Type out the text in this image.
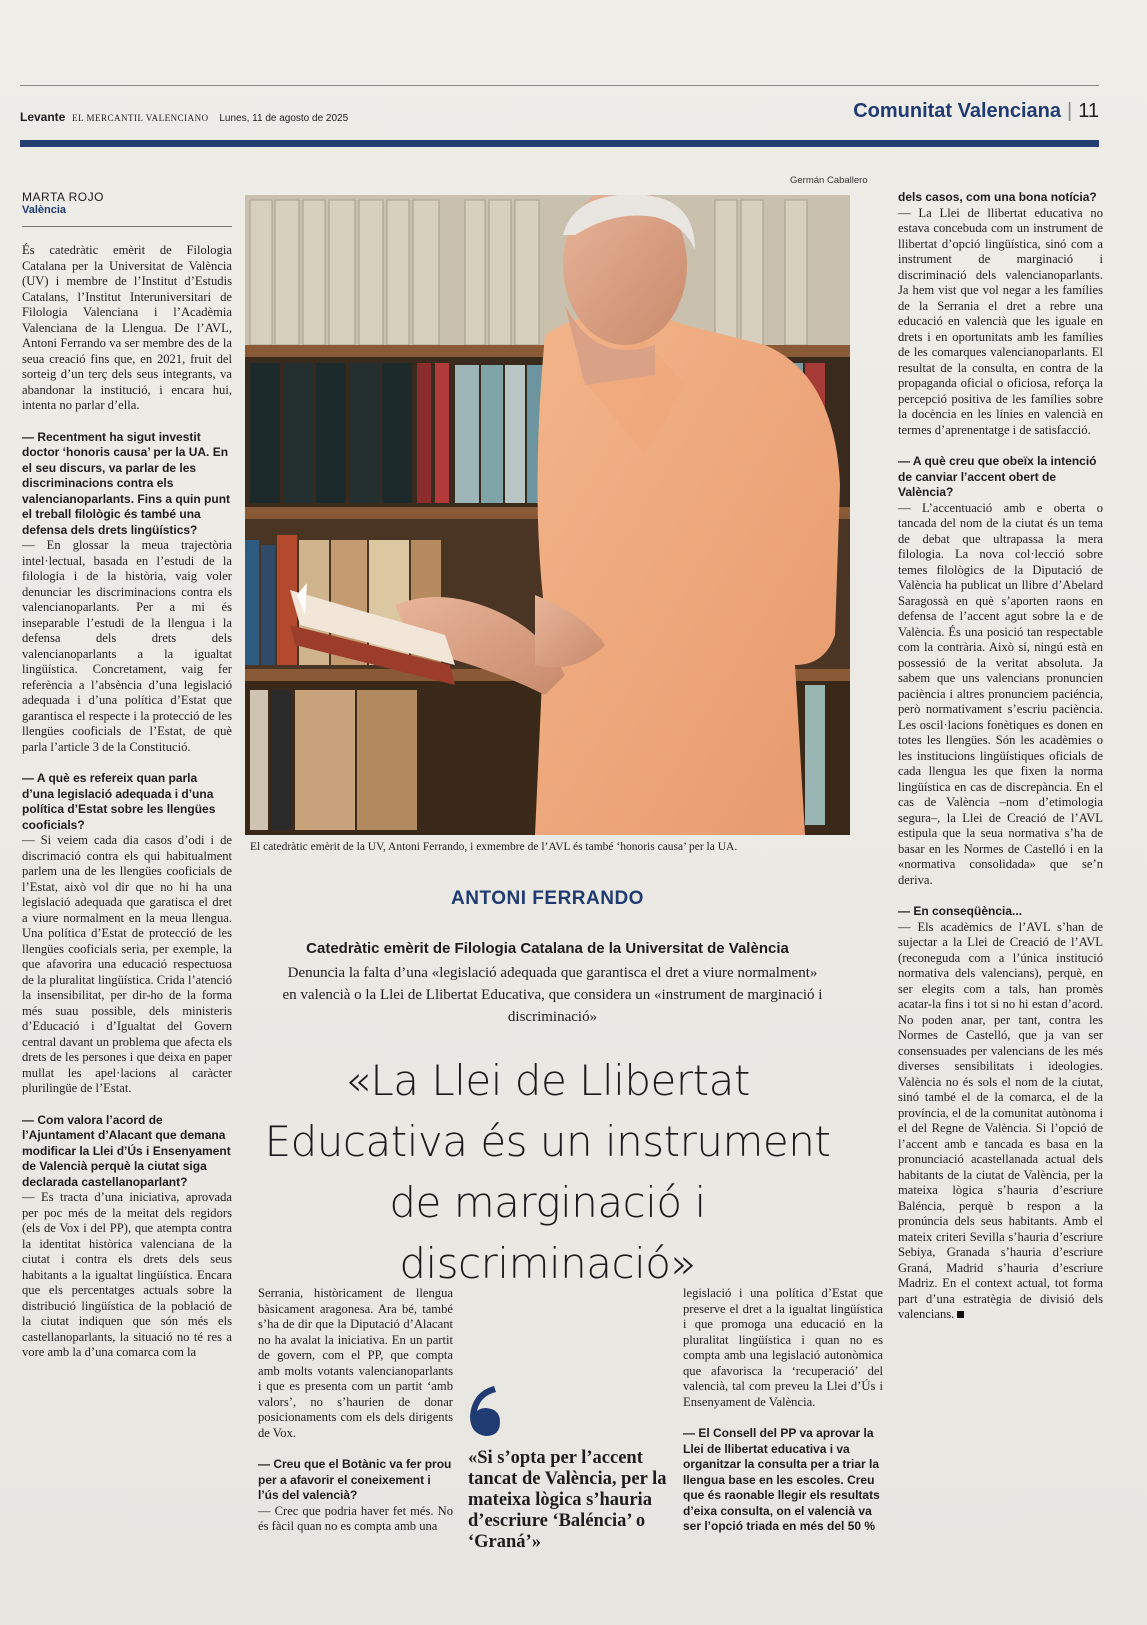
Levante EL MERCANTIL VALENCIANO Lunes, 11 de agosto de 2025	Comunitat Valenciana | 11
MARTA ROJO
València

És catedràtic emèrit de Filologia Catalana per la Universitat de València (UV) i membre de l’Institut d’Estudis Catalans, l’Institut Interuniversitari de Filologia Valenciana i l’Acadèmia Valenciana de la Llengua. De l’AVL, Antoni Ferrando va ser membre des de la seua creació fins que, en 2021, fruit del sorteig d’un terç dels seus integrants, va abandonar la institució, i encara hui, intenta no parlar d’ella.

— Recentment ha sigut investit doctor ‘honoris causa’ per la UA. En el seu discurs, va parlar de les discriminacions contra els valencianoparlants. Fins a quin punt el treball filològic és també una defensa dels drets lingüístics?

— En glossar la meua trajectòria intel·lectual, basada en l’estudi de la filologia i de la història, vaig voler denunciar les discriminacions contra els valencianoparlants. Per a mi és inseparable l’estudi de la llengua i la defensa dels drets dels valencianoparlants a la igualtat lingüística. Concretament, vaig fer referència a l’absència d’una legislació adequada i d’una política d’Estat que garantisca el respecte i la protecció de les llengües cooficials de l’Estat, de què parla l’article 3 de la Constitució.

— A què es refereix quan parla d’una legislació adequada i d’una política d’Estat sobre les llengües cooficials?

— Si veiem cada dia casos d’odi i de discrimació contra els qui habitualment parlem una de les llengües cooficials de l’Estat, això vol dir que no hi ha una legislació adequada que garatisca el dret a viure normalment en la meua llengua. Una política d’Estat de protecció de les llengües cooficials seria, per exemple, la que afavorira una educació respectuosa de la pluralitat lingüística. Crida l’atenció la insensibilitat, per dir-ho de la forma més suau possible, dels ministeris d’Educació i d’Igualtat del Govern central davant un problema que afecta els drets de les persones i que deixa en paper mullat les apel·lacions al caràcter plurilingüe de l’Estat.

— Com valora l’acord de l’Ajuntament d’Alacant que demana modificar la Llei d’Ús i Ensenyament de Valencià perquè la ciutat siga declarada castellanoparlant?

— Es tracta d’una iniciativa, aprovada per poc més de la meitat dels regidors (els de Vox i del PP), que atempta contra la identitat històrica valenciana de la ciutat i contra els drets dels seus habitants a la igualtat lingüística. Encara que els percentatges actuals sobre la distribució lingüística de la població de la ciutat indiquen que són més els castellanoparlants, la situació no té res a vore amb la d’una comarca com la

Germán Caballero
El catedràtic emèrit de la UV, Antoni Ferrando, i exmembre de l’AVL és també ‘honoris causa’ per la UA.
ANTONI FERRANDO
Catedràtic emèrit de Filologia Catalana de la Universitat de València
Denuncia la falta d’una «legislació adequada que garantisca el dret a viure normalment» en valencià o la Llei de Llibertat Educativa, que considera un «instrument de marginació i discriminació»
«La Llei de Llibertat Educativa és un instrument de marginació i discriminació»

Serrania, històricament de llengua bàsicament aragonesa. Ara bé, també s’ha de dir que la Diputació d’Alacant no ha avalat la iniciativa. En un partit de govern, com el PP, que compta amb molts votants valencianoparlants i que es presenta com un partit ‘amb valors’, no s’haurien de donar posicionaments com els dels dirigents de Vox.

— Creu que el Botànic va fer prou per a afavorir el coneixement i l’ús del valencià?

— Crec que podria haver fet més. No és fàcil quan no es compta amb una

«Si s’opta per l’accent tancat de València, per la mateixa lògica s’hauria d’escriure ‘Baléncia’ o ‘Graná’»

legislació i una política d’Estat que preserve el dret a la igualtat lingüística i que promoga una educació en la pluralitat lingüística i quan no es compta amb una legislació autonòmica que afavorisca la ‘recuperació’ del valencià, tal com preveu la Llei d’Ús i Ensenyament de València.

— El Consell del PP va aprovar la Llei de llibertat educativa i va organitzar la consulta per a triar la llengua base en les escoles. Creu que és raonable llegir els resultats d’eixa consulta, on el valencià va ser l’opció triada en més del 50 %

dels casos, com una bona notícia?

— La Llei de llibertat educativa no estava concebuda com un instrument de llibertat d’opció lingüística, sinó com a instrument de marginació i discriminació dels valencianoparlants. Ja hem vist que vol negar a les famílies de la Serrania el dret a rebre una educació en valencià que les iguale en drets i en oportunitats amb les famílies de les comarques valencianoparlants. El resultat de la consulta, en contra de la propaganda oficial o oficiosa, reforça la percepció positiva de les famílies sobre la docència en les línies en valencià en termes d’aprenentatge i de satisfacció.

— A què creu que obeïx la intenció de canviar l’accent obert de València?

— L’accentuació amb e oberta o tancada del nom de la ciutat és un tema de debat que ultrapassa la mera filologia. La nova col·lecció sobre temes filològics de la Diputació de València ha publicat un llibre d’Abelard Saragossà en què s’aporten raons en defensa de l’accent agut sobre la e de València. És una posició tan respectable com la contrària. Això sí, ningú està en possessió de la veritat absoluta. Ja sabem que uns valencians pronuncien paciència i altres pronunciem paciéncia, però normativament s’escriu paciència. Les oscil·lacions fonètiques es donen en totes les llengües. Són les acadèmies o les institucions lingüístiques oficials de cada llengua les que fixen la norma lingüística en cas de discrepància. En el cas de València –nom d’etimologia segura–, la Llei de Creació de l’AVL estipula que la seua normativa s’ha de basar en les Normes de Castelló i en la «normativa consolidada» que se’n deriva.

— En conseqüència...

— Els acadèmics de l’AVL s’han de sujectar a la Llei de Creació de l’AVL (reconeguda com a l’única institució normativa dels valencians), perquè, en ser elegits com a tals, han promès acatar-la fins i tot si no hi estan d’acord. No poden anar, per tant, contra les Normes de Castelló, que ja van ser consensuades per valencians de les més diverses sensibilitats i ideologies. València no és sols el nom de la ciutat, sinó també el de la comarca, el de la província, el de la comunitat autònoma i el del Regne de València. Si l’opció de l’accent amb e tancada es basa en la pronunciació acastellanada actual dels habitants de la ciutat de València, per la mateixa lògica s’hauria d’escriure Baléncia, perquè b respon a la pronúncia dels seus habitants. Amb el mateix criteri Sevilla s’hauria d’escriure Sebiya, Granada s’hauria d’escriure Graná, Madrid s’hauria d’escriure Madriz. En el context actual, tot forma part d’una estratègia de divisió dels valencians.
